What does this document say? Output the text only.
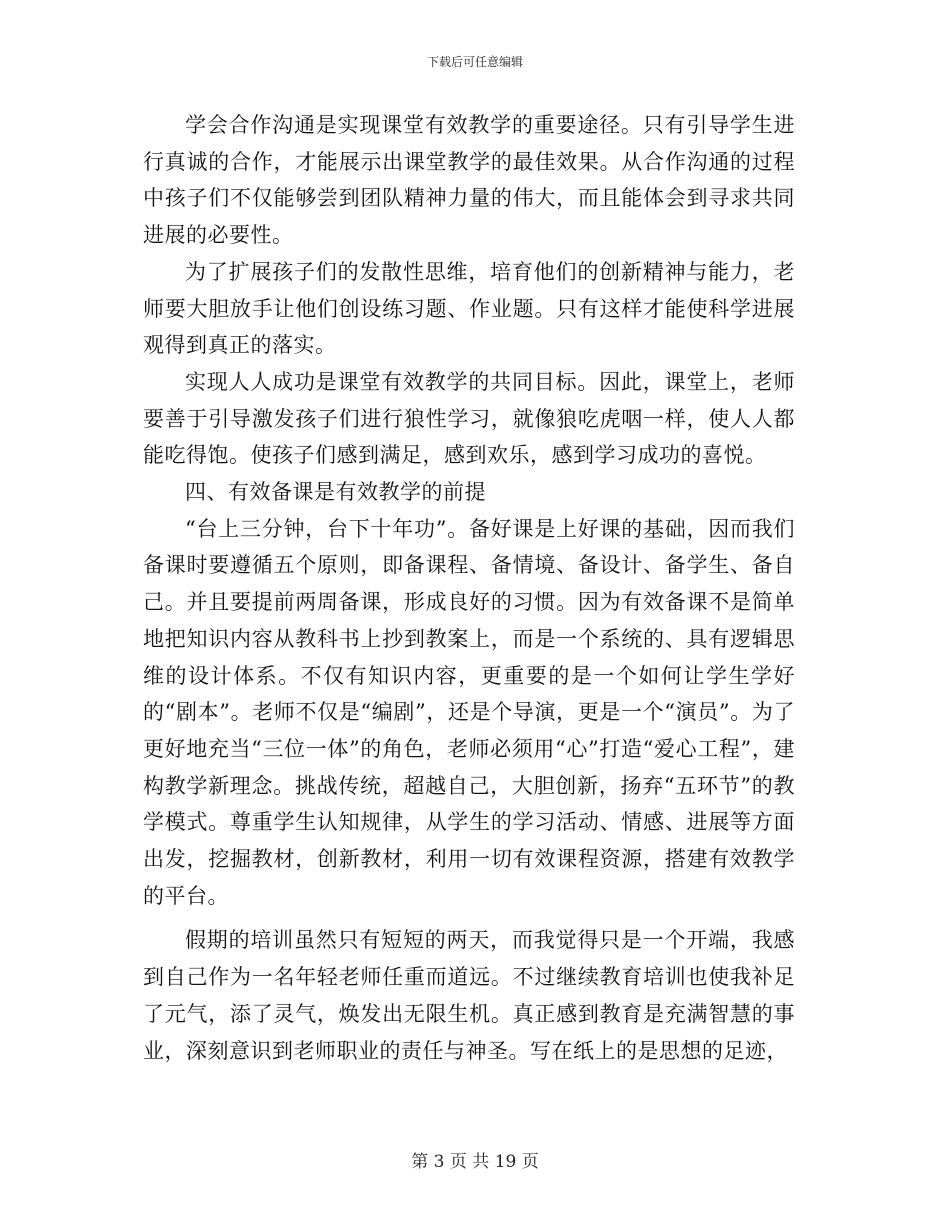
下载后可任意编辑

学会合作沟通是实现课堂有效教学的重要途径。只有引导学生进行真诚的合作，才能展示出课堂教学的最佳效果。从合作沟通的过程中孩子们不仅能够尝到团队精神力量的伟大，而且能体会到寻求共同进展的必要性。

为了扩展孩子们的发散性思维，培育他们的创新精神与能力，老师要大胆放手让他们创设练习题、作业题。只有这样才能使科学进展观得到真正的落实。

实现人人成功是课堂有效教学的共同目标。因此，课堂上，老师要善于引导激发孩子们进行狼性学习，就像狼吃虎咽一样，使人人都能吃得饱。使孩子们感到满足，感到欢乐，感到学习成功的喜悦。

四、有效备课是有效教学的前提

“台上三分钟，台下十年功”。备好课是上好课的基础，因而我们备课时要遵循五个原则，即备课程、备情境、备设计、备学生、备自己。并且要提前两周备课，形成良好的习惯。因为有效备课不是简单地把知识内容从教科书上抄到教案上，而是一个系统的、具有逻辑思维的设计体系。不仅有知识内容，更重要的是一个如何让学生学好的“剧本”。老师不仅是“编剧”，还是个导演，更是一个“演员”。为了更好地充当“三位一体”的角色，老师必须用“心”打造“爱心工程”，建构教学新理念。挑战传统，超越自己，大胆创新，扬弃“五环节”的教学模式。尊重学生认知规律，从学生的学习活动、情感、进展等方面出发，挖掘教材，创新教材，利用一切有效课程资源，搭建有效教学的平台。

假期的培训虽然只有短短的两天，而我觉得只是一个开端，我感到自己作为一名年轻老师任重而道远。不过继续教育培训也使我补足了元气，添了灵气，焕发出无限生机。真正感到教育是充满智慧的事业，深刻意识到老师职业的责任与神圣。写在纸上的是思想的足迹，

第 3 页 共 19 页
